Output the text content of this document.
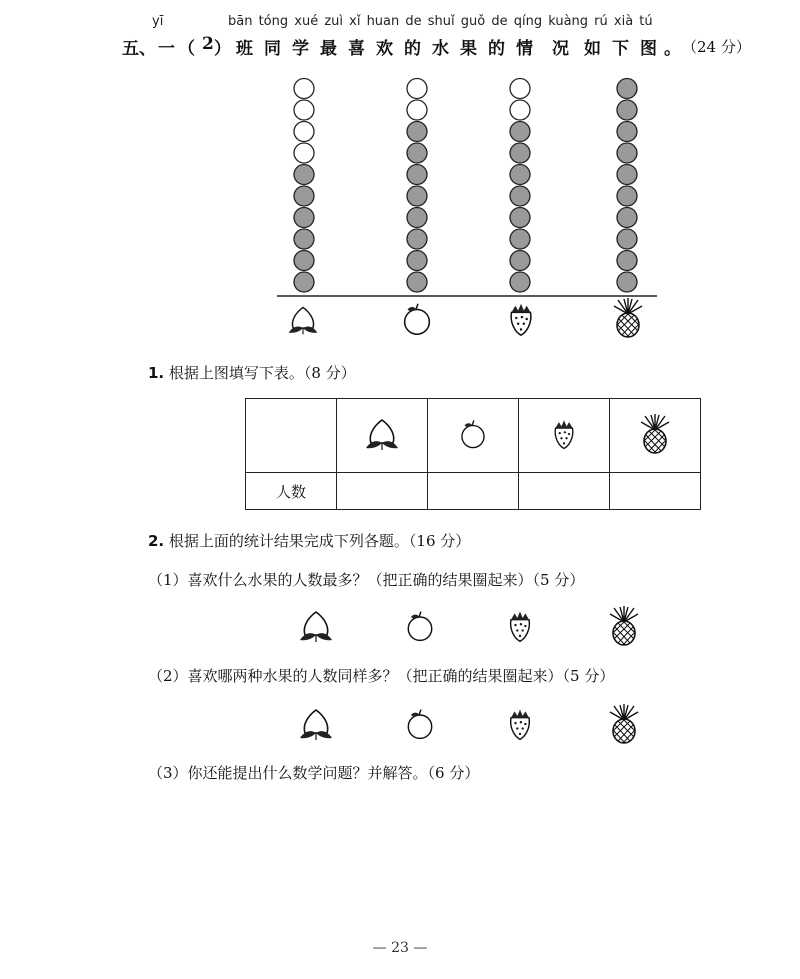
yī	bān tóng xué zuì xǐ huan de shuǐ guǒ de qíng kuàng rú xià tú
五、 一 （ 2 ） 班 同 学 最 喜 欢 的 水 果 的 情 况 如 下 图 。 （24 分）
1. 根据上图填写下表。（8 分）

人数				
2. 根据上面的统计结果完成下列各题。（16 分）
（1）喜欢什么水果的人数最多？（把正确的结果圈起来）（5 分）
（2）喜欢哪两种水果的人数同样多？（把正确的结果圈起来）（5 分）
（3）你还能提出什么数学问题？并解答。（6 分）
— 23 —
